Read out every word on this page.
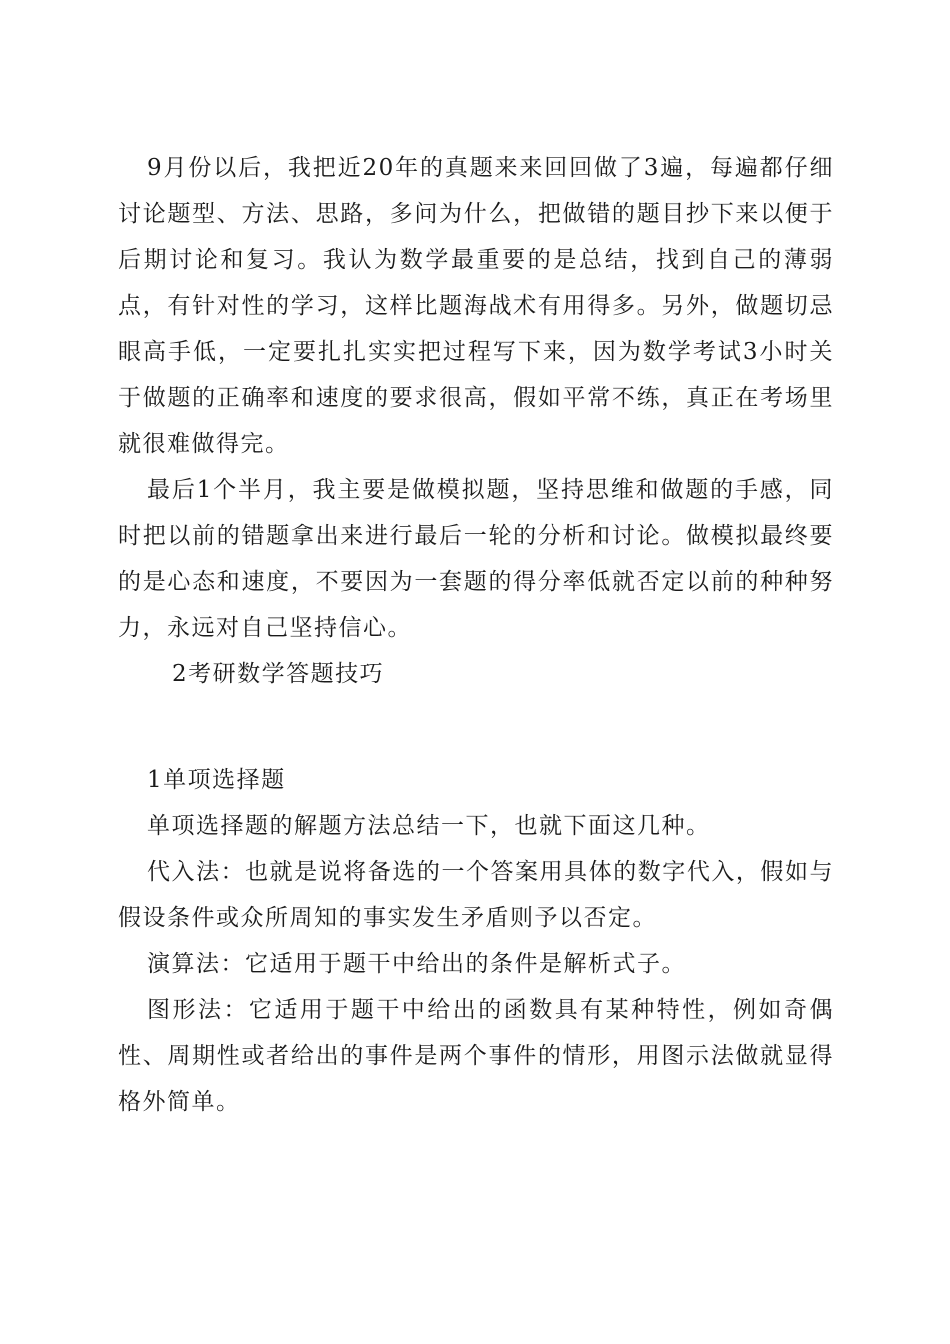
9月份以后，我把近20年的真题来来回回做了3遍，每遍都仔细讨论题型、方法、思路，多问为什么，把做错的题目抄下来以便于后期讨论和复习。我认为数学最重要的是总结，找到自己的薄弱点，有针对性的学习，这样比题海战术有用得多。另外，做题切忌眼高手低，一定要扎扎实实把过程写下来，因为数学考试3小时关于做题的正确率和速度的要求很高，假如平常不练，真正在考场里就很难做得完。

最后1个半月，我主要是做模拟题，坚持思维和做题的手感，同时把以前的错题拿出来进行最后一轮的分析和讨论。做模拟最终要的是心态和速度，不要因为一套题的得分率低就否定以前的种种努力，永远对自己坚持信心。

2考研数学答题技巧

1单项选择题

单项选择题的解题方法总结一下，也就下面这几种。

代入法：也就是说将备选的一个答案用具体的数字代入，假如与假设条件或众所周知的事实发生矛盾则予以否定。

演算法：它适用于题干中给出的条件是解析式子。

图形法：它适用于题干中给出的函数具有某种特性，例如奇偶性、周期性或者给出的事件是两个事件的情形，用图示法做就显得格外简单。
